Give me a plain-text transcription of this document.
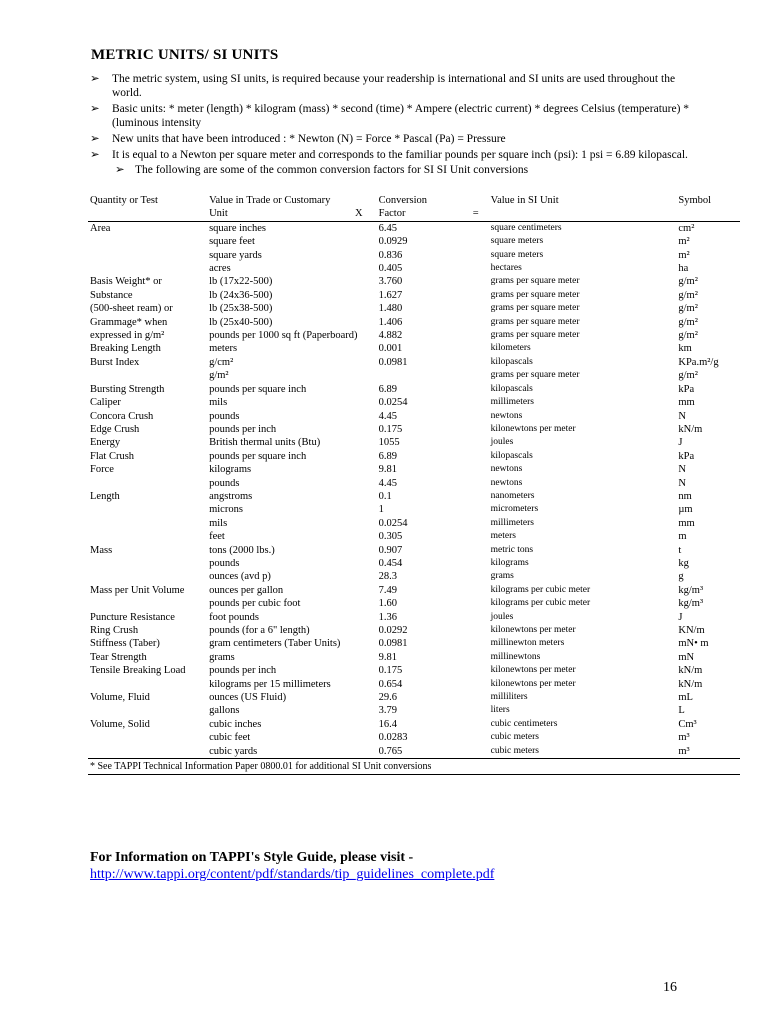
METRIC UNITS/ SI UNITS
➢	The metric system, using SI units, is required because your readership is international and SI units are used throughout the world.
➢	Basic units: * meter (length) * kilogram (mass) * second (time) * Ampere (electric current) * degrees Celsius (temperature) * (luminous intensity
➢	New units that have been introduced : * Newton (N) = Force * Pascal (Pa) = Pressure
➢	It is equal to a Newton per square meter and corresponds to the familiar pounds per square inch (psi): 1 psi = 6.89 kilopascal.
➢ The following are some of the common conversion factors for SI SI Unit conversions
Quantity or Test	Value in Trade or Customary	Conversion	Value in SI Unit	Symbol
	Unit X	Factor =		

Area	square inches	6.45	square centimeters	cm²
	square feet	0.0929	square meters	m²
	square yards	0.836	square meters	m²
	acres	0.405	hectares	ha
Basis Weight* or	lb (17x22-500)	3.760	grams per square meter	g/m²
Substance	lb (24x36-500)	1.627	grams per square meter	g/m²
(500-sheet ream) or	lb (25x38-500)	1.480	grams per square meter	g/m²
Grammage* when	lb (25x40-500)	1.406	grams per square meter	g/m²
expressed in g/m²	pounds per 1000 sq ft (Paperboard)	4.882	grams per square meter	g/m²
Breaking Length	meters	0.001	kilometers	km
Burst Index	g/cm²	0.0981	kilopascals	KPa.m²/g
	g/m²		grams per square meter	g/m²
Bursting Strength	pounds per square inch	6.89	kilopascals	kPa
Caliper	mils	0.0254	millimeters	mm
Concora Crush	pounds	4.45	newtons	N
Edge Crush	pounds per inch	0.175	kilonewtons per meter	kN/m
Energy	British thermal units (Btu)	1055	joules	J
Flat Crush	pounds per square inch	6.89	kilopascals	kPa
Force	kilograms	9.81	newtons	N
	pounds	4.45	newtons	N
Length	angstroms	0.1	nanometers	nm
	microns	1	micrometers	µm
	mils	0.0254	millimeters	mm
	feet	0.305	meters	m
Mass	tons (2000 lbs.)	0.907	metric tons	t
	pounds	0.454	kilograms	kg
	ounces (avd p)	28.3	grams	g
Mass per Unit Volume	ounces per gallon	7.49	kilograms per cubic meter	kg/m³
	pounds per cubic foot	1.60	kilograms per cubic meter	kg/m³
Puncture Resistance	foot pounds	1.36	joules	J
Ring Crush	pounds (for a 6" length)	0.0292	kilonewtons per meter	KN/m
Stiffness (Taber)	gram centimeters (Taber Units)	0.0981	millinewton meters	mN• m
Tear Strength	grams	9.81	millinewtons	mN
Tensile Breaking Load	pounds per inch	0.175	kilonewtons per meter	kN/m
	kilograms per 15 millimeters	0.654	kilonewtons per meter	kN/m
Volume, Fluid	ounces (US Fluid)	29.6	milliliters	mL
	gallons	3.79	liters	L
Volume, Solid	cubic inches	16.4	cubic centimeters	Cm³
	cubic feet	0.0283	cubic meters	m³
	cubic yards	0.765	cubic meters	m³
* See TAPPI Technical Information Paper 0800.01 for additional SI Unit conversions				
For Information on TAPPI's Style Guide, please visit -
http://www.tappi.org/content/pdf/standards/tip_guidelines_complete.pdf
16
